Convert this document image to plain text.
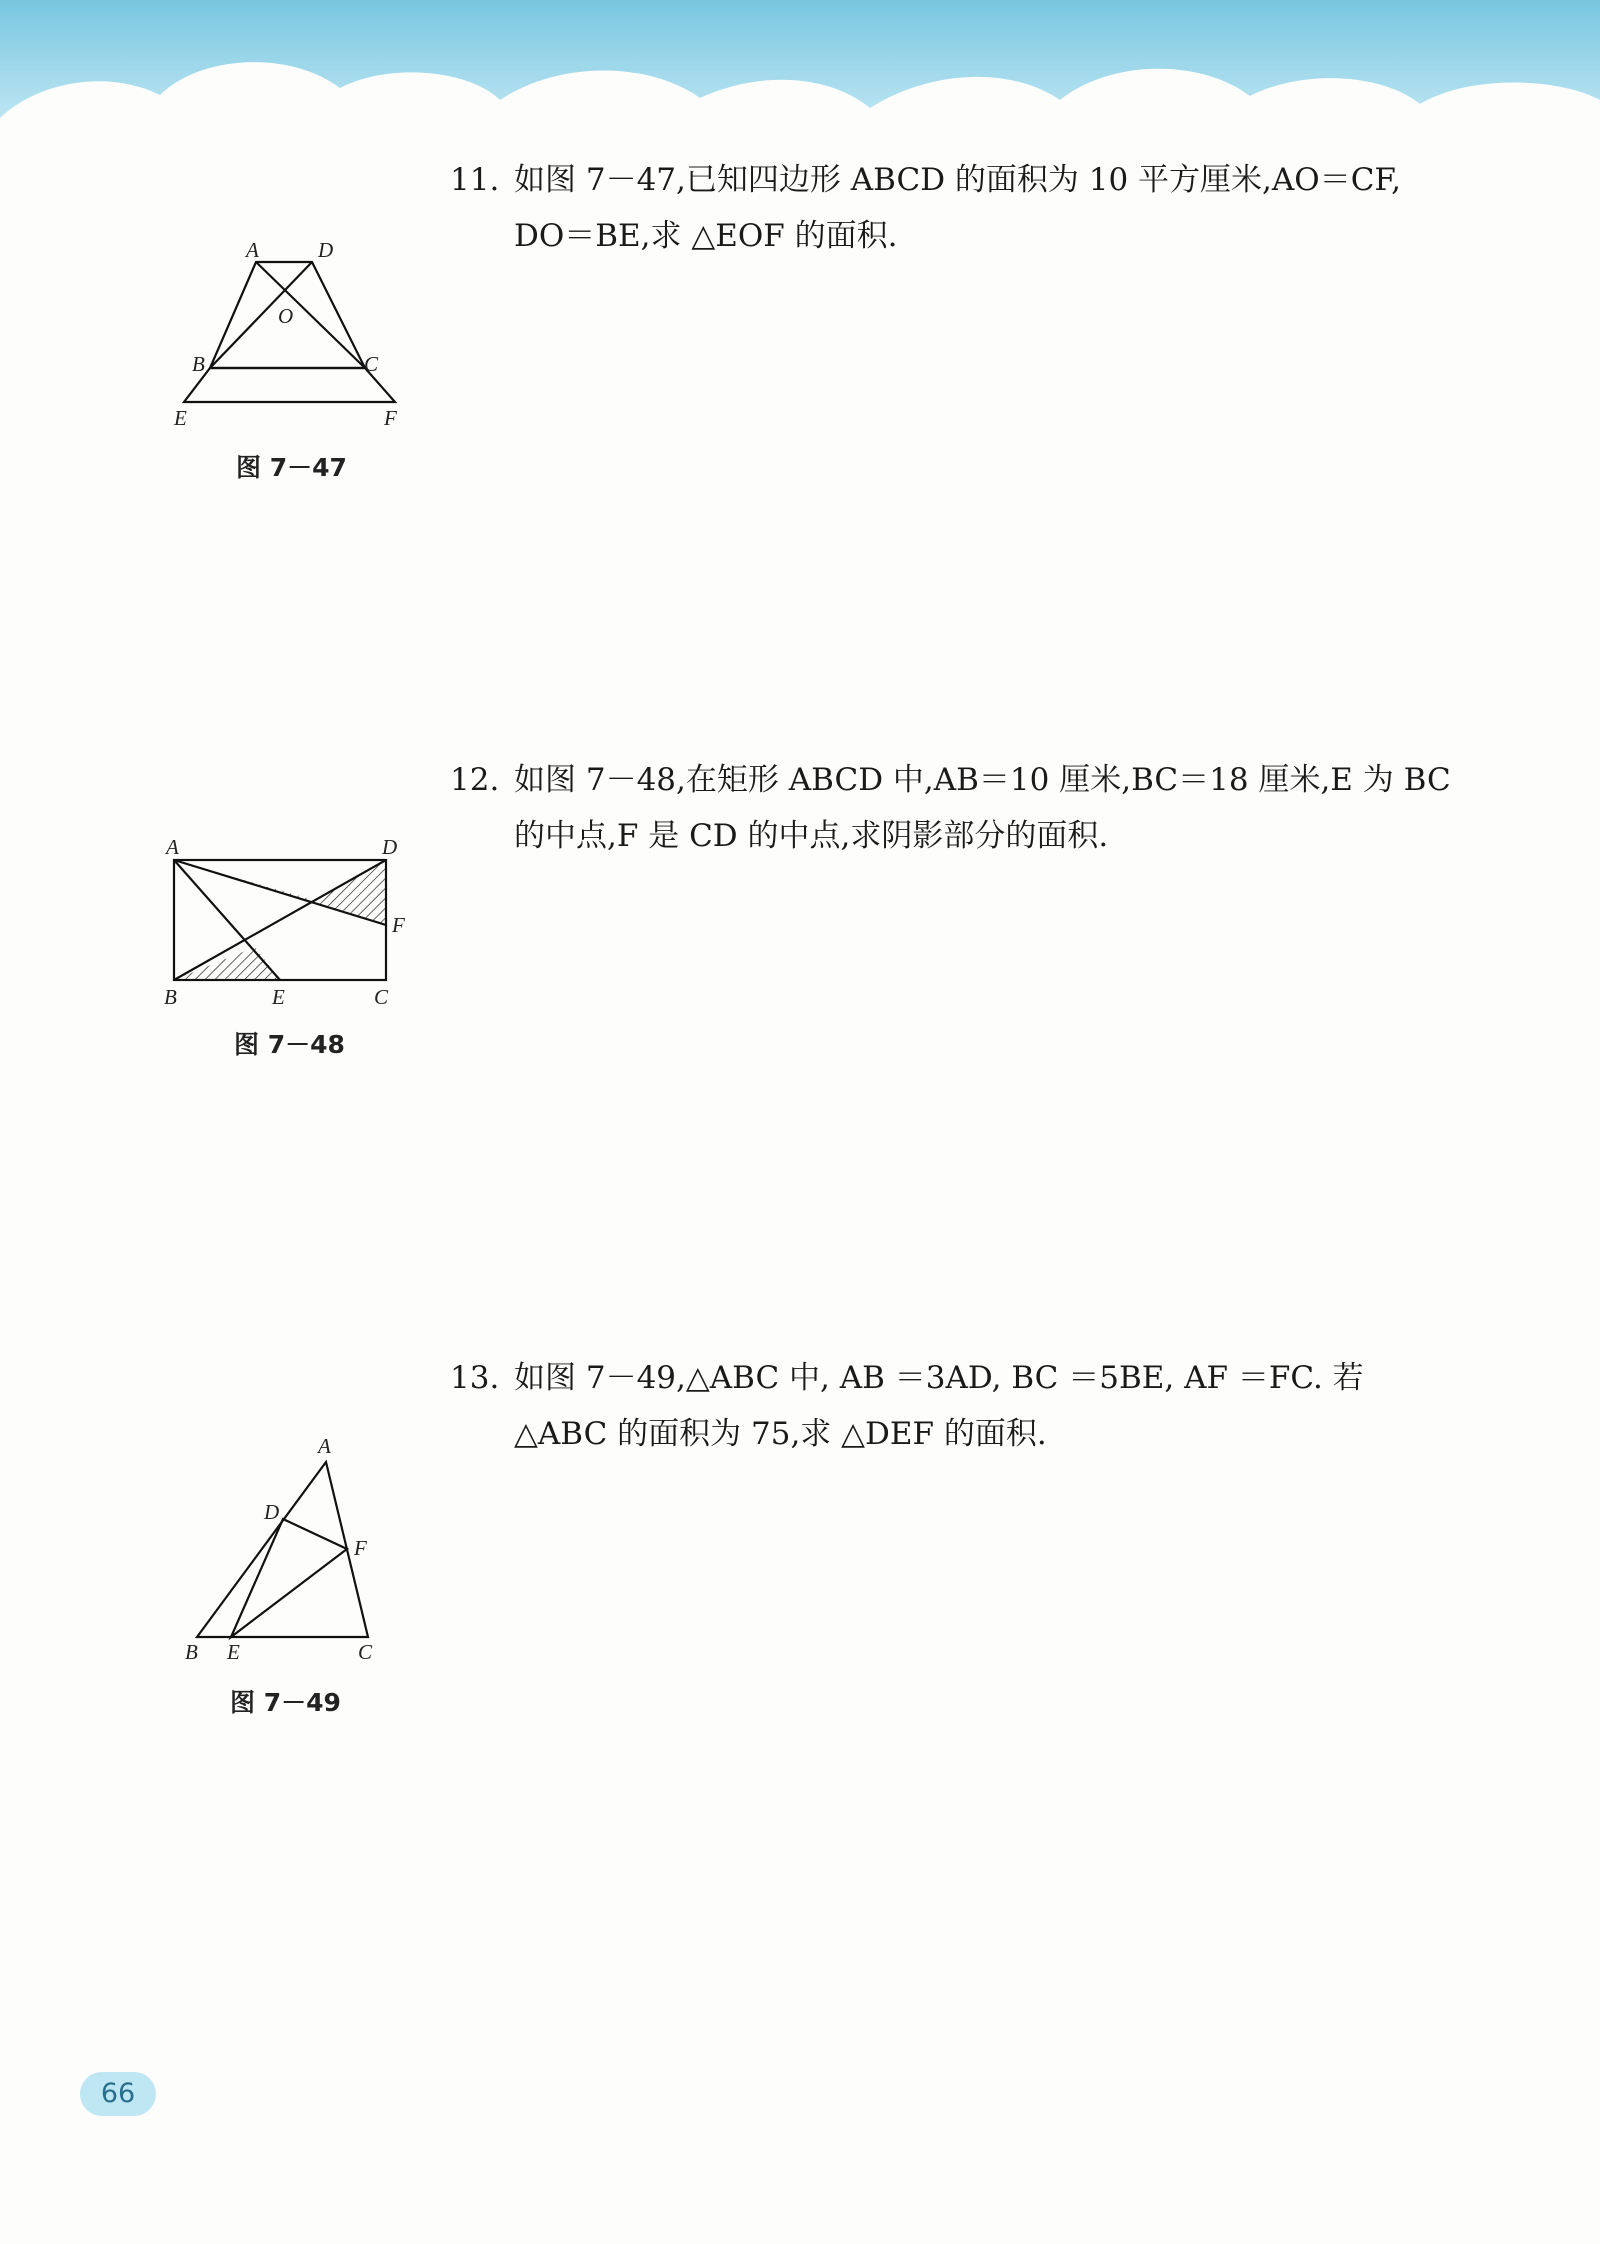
11. 如图 7－47,已知四边形 ABCD 的面积为 10 平方厘米,AO＝CF,
DO＝BE,求 △EOF 的面积.
A	D
O
B	C
E	F
图 7－47
12. 如图 7－48,在矩形 ABCD 中,AB＝10 厘米,BC＝18 厘米,E 为 BC
的中点,F 是 CD 的中点,求阴影部分的面积.
A	D
F
B	E	C
图 7－48
13. 如图 7－49,△ABC 中, AB ＝3AD, BC ＝5BE, AF ＝FC. 若
△ABC 的面积为 75,求 △DEF 的面积.
A
D
F
B E	C
图 7－49
66
